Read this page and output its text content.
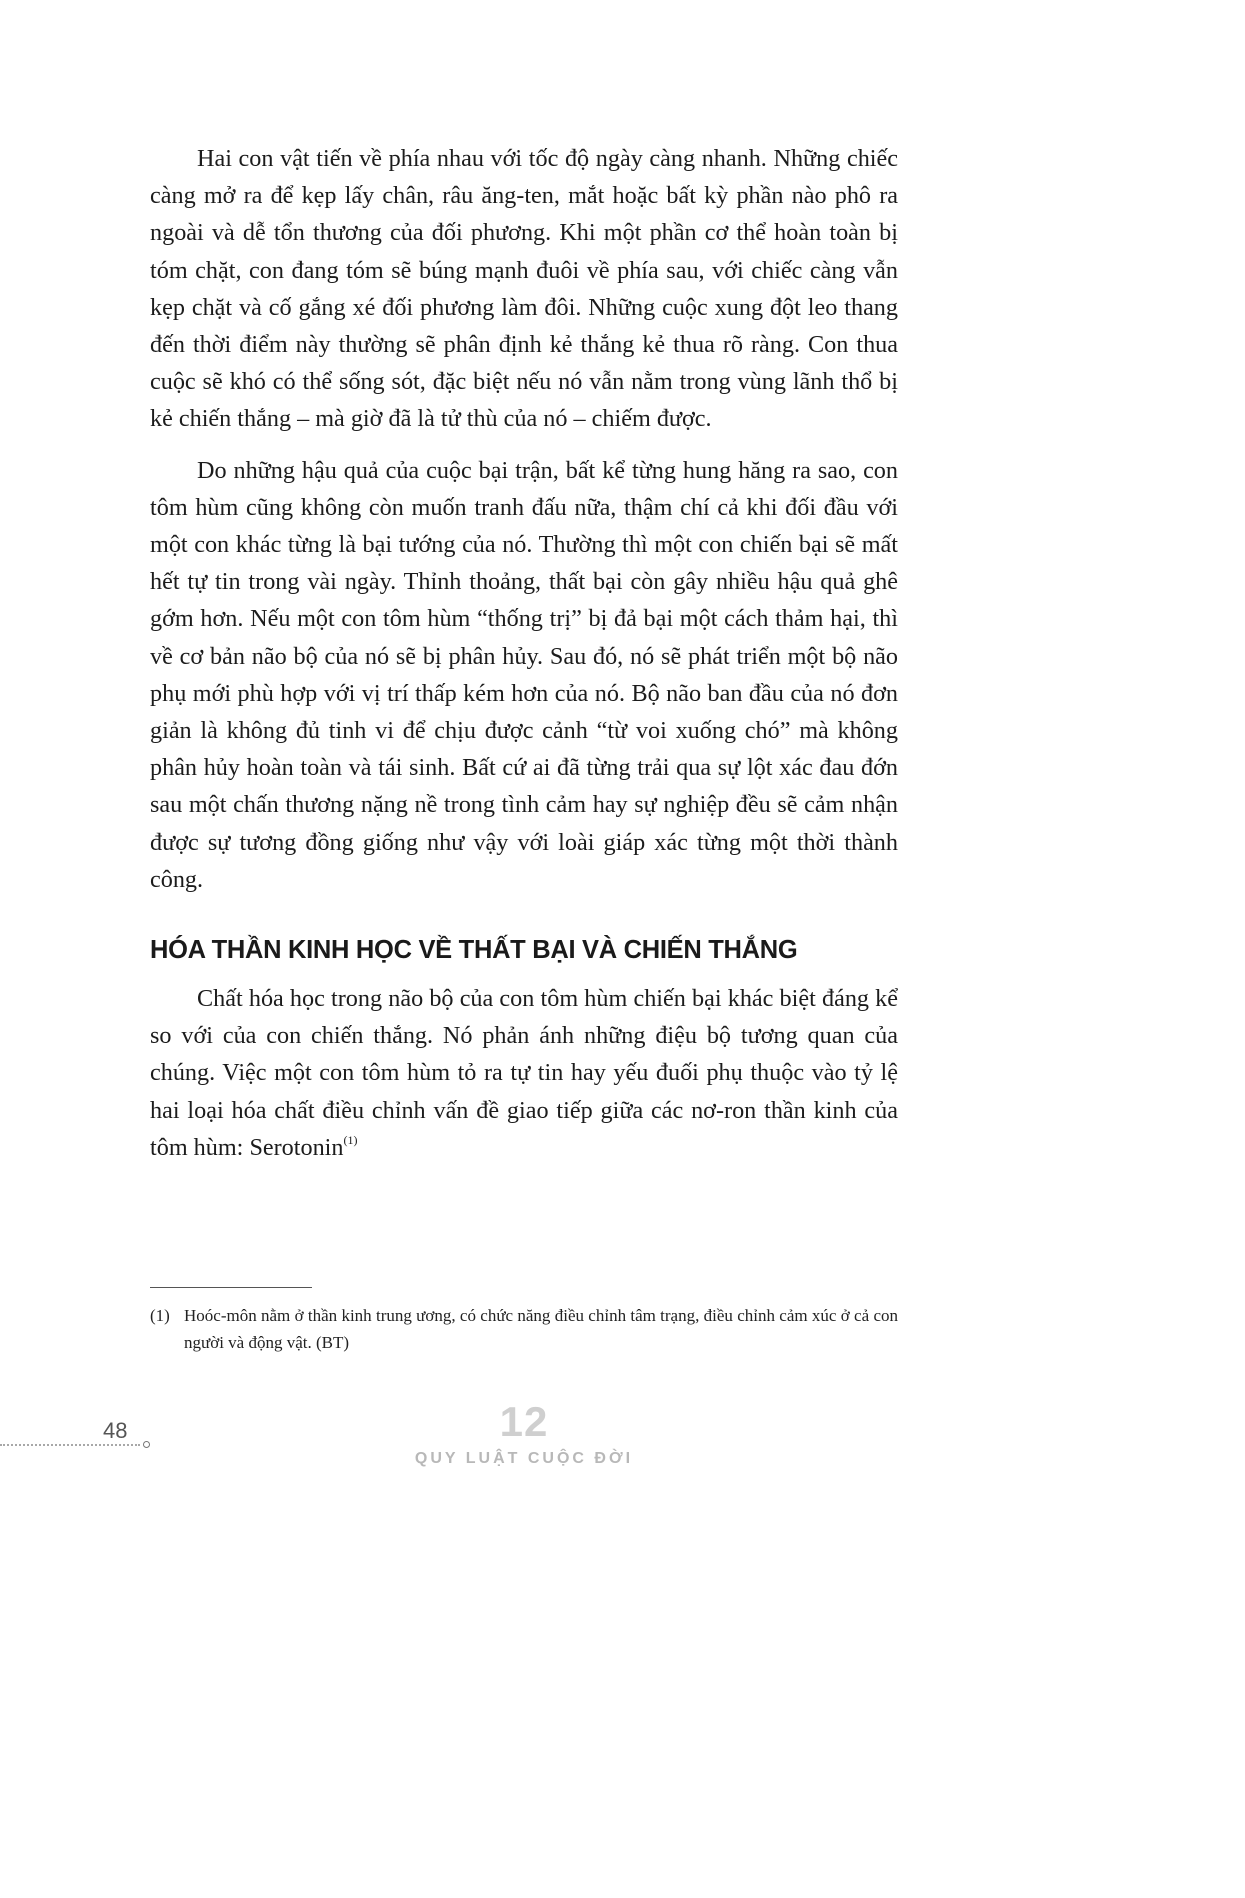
Hai con vật tiến về phía nhau với tốc độ ngày càng nhanh. Những chiếc càng mở ra để kẹp lấy chân, râu ăng-ten, mắt hoặc bất kỳ phần nào phô ra ngoài và dễ tổn thương của đối phương. Khi một phần cơ thể hoàn toàn bị tóm chặt, con đang tóm sẽ búng mạnh đuôi về phía sau, với chiếc càng vẫn kẹp chặt và cố gắng xé đối phương làm đôi. Những cuộc xung đột leo thang đến thời điểm này thường sẽ phân định kẻ thắng kẻ thua rõ ràng. Con thua cuộc sẽ khó có thể sống sót, đặc biệt nếu nó vẫn nằm trong vùng lãnh thổ bị kẻ chiến thắng – mà giờ đã là tử thù của nó – chiếm được.

Do những hậu quả của cuộc bại trận, bất kể từng hung hăng ra sao, con tôm hùm cũng không còn muốn tranh đấu nữa, thậm chí cả khi đối đầu với một con khác từng là bại tướng của nó. Thường thì một con chiến bại sẽ mất hết tự tin trong vài ngày. Thỉnh thoảng, thất bại còn gây nhiều hậu quả ghê gớm hơn. Nếu một con tôm hùm “thống trị” bị đả bại một cách thảm hại, thì về cơ bản não bộ của nó sẽ bị phân hủy. Sau đó, nó sẽ phát triển một bộ não phụ mới phù hợp với vị trí thấp kém hơn của nó. Bộ não ban đầu của nó đơn giản là không đủ tinh vi để chịu được cảnh “từ voi xuống chó” mà không phân hủy hoàn toàn và tái sinh. Bất cứ ai đã từng trải qua sự lột xác đau đớn sau một chấn thương nặng nề trong tình cảm hay sự nghiệp đều sẽ cảm nhận được sự tương đồng giống như vậy với loài giáp xác từng một thời thành công.

HÓA THẦN KINH HỌC VỀ THẤT BẠI VÀ CHIẾN THẮNG

Chất hóa học trong não bộ của con tôm hùm chiến bại khác biệt đáng kể so với của con chiến thắng. Nó phản ánh những điệu bộ tương quan của chúng. Việc một con tôm hùm tỏ ra tự tin hay yếu đuối phụ thuộc vào tỷ lệ hai loại hóa chất điều chỉnh vấn đề giao tiếp giữa các nơ-ron thần kinh của tôm hùm: Serotonin$^{(1)}$

(1) Hoóc-môn nằm ở thần kinh trung ương, có chức năng điều chỉnh tâm trạng, điều chỉnh cảm xúc ở cả con người và động vật. (BT)
48	12
QUY LUẬT CUỘC ĐỜI
